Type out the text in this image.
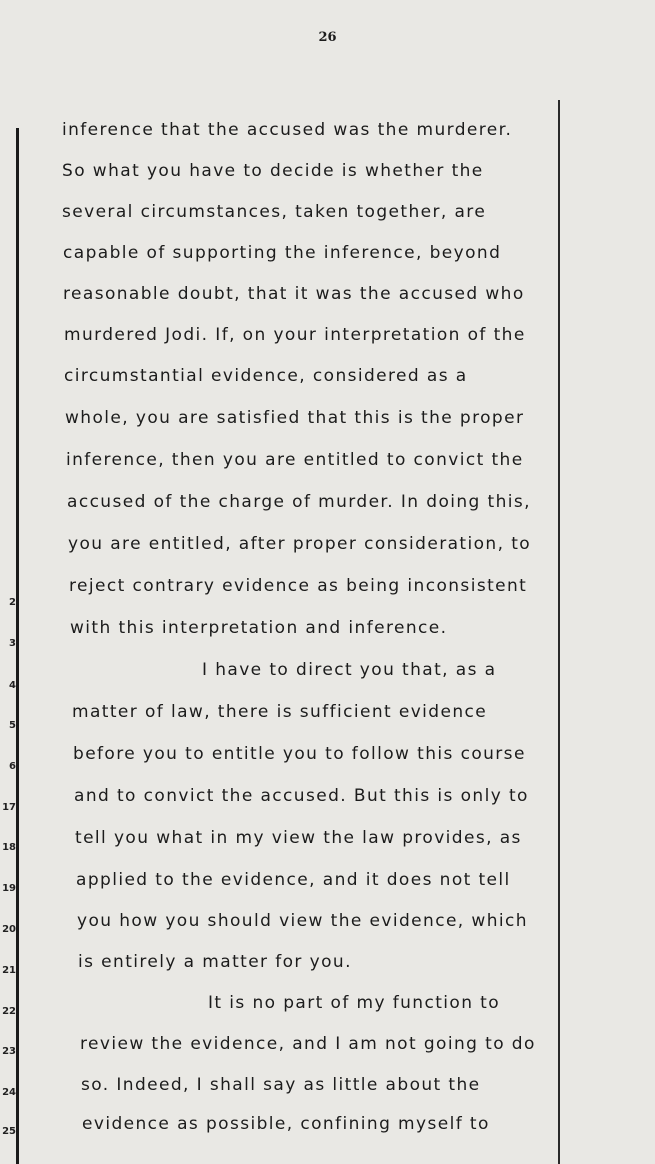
26
2
3
4
5
6
17
18
19
20
21
22
23
24
25
inference that the accused was the murderer.
So what you have to decide is whether the
several circumstances, taken together, are
capable of supporting the inference, beyond
reasonable doubt, that it was the accused who
murdered Jodi. If, on your interpretation of the
circumstantial evidence, considered as a
whole, you are satisfied that this is the proper
inference, then you are entitled to convict the
accused of the charge of murder. In doing this,
you are entitled, after proper consideration, to
reject contrary evidence as being inconsistent
with this interpretation and inference.
I have to direct you that, as a
matter of law, there is sufficient evidence
before you to entitle you to follow this course
and to convict the accused. But this is only to
tell you what in my view the law provides, as
applied to the evidence, and it does not tell
you how you should view the evidence, which
is entirely a matter for you.
It is no part of my function to
review the evidence, and I am not going to do
so. Indeed, I shall say as little about the
evidence as possible, confining myself to
